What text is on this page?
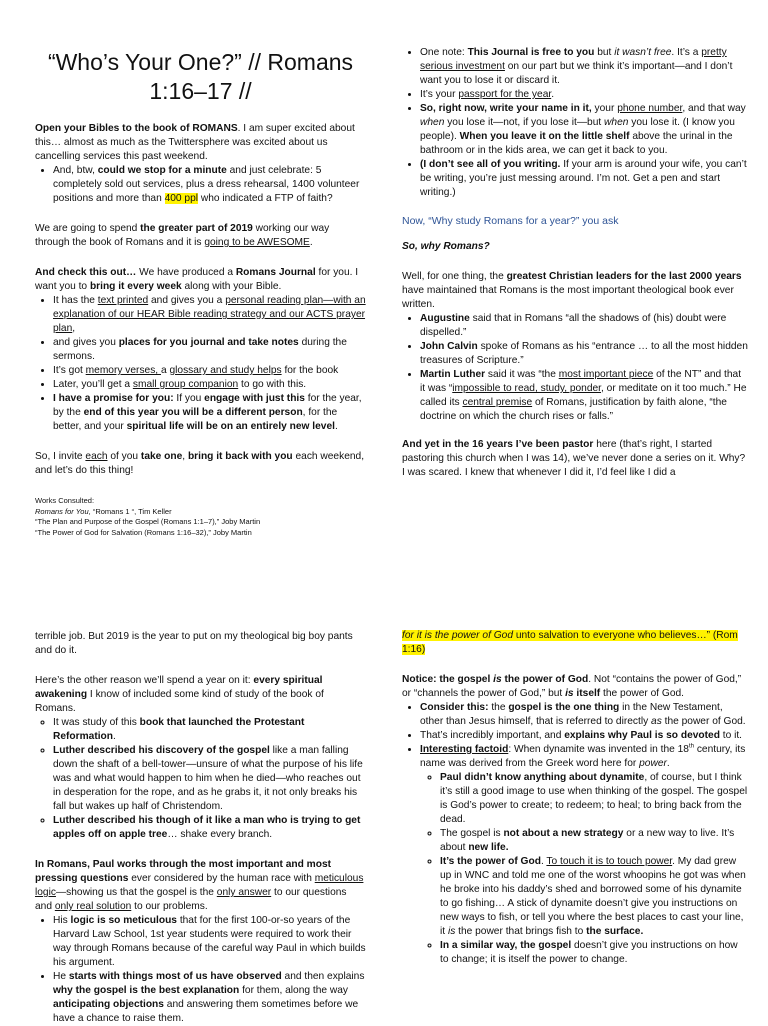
“Who’s Your One?” // Romans 1:16–17 //

Open your Bibles to the book of ROMANS. I am super excited about this… almost as much as the Twittersphere was excited about us cancelling services this past weekend.

• And, btw, could we stop for a minute and just celebrate: 5 completely sold out services, plus a dress rehearsal, 1400 volunteer positions and more than 400 ppl who indicated a FTP of faith?

We are going to spend the greater part of 2019 working our way through the book of Romans and it is going to be AWESOME.

And check this out… We have produced a Romans Journal for you. I want you to bring it every week along with your Bible.

• It has the text printed and gives you a personal reading plan—with an explanation of our HEAR Bible reading strategy and our ACTS prayer plan,
• and gives you places for you journal and take notes during the sermons.
• It’s got memory verses, a glossary and study helps for the book
• Later, you’ll get a small group companion to go with this.
• I have a promise for you: If you engage with just this for the year, by the end of this year you will be a different person, for the better, and your spiritual life will be on an entirely new level.

So, I invite each of you take one, bring it back with you each weekend, and let’s do this thing!

Works Consulted:
Romans for You, “Romans 1 “, Tim Keller
“The Plan and Purpose of the Gospel (Romans 1:1–7),” Joby Martin
“The Power of God for Salvation (Romans 1:16–32),” Joby Martin
• One note: This Journal is free to you but it wasn’t free. It’s a pretty serious investment on our part but we think it’s important—and I don’t want you to lose it or discard it.
• It’s your passport for the year.
• So, right now, write your name in it, your phone number, and that way when you lose it—not, if you lose it—but when you lose it. (I know you people). When you leave it on the little shelf above the urinal in the bathroom or in the kids area, we can get it back to you.
• (I don’t see all of you writing. If your arm is around your wife, you can’t be writing, you’re just messing around. I’m not. Get a pen and start writing.)
Now, “Why study Romans for a year?” you ask
So, why Romans?

Well, for one thing, the greatest Christian leaders for the last 2000 years have maintained that Romans is the most important theological book ever written.

• Augustine said that in Romans “all the shadows of (his) doubt were dispelled.”
• John Calvin spoke of Romans as his “entrance … to all the most hidden treasures of Scripture.”
• Martin Luther said it was “the most important piece of the NT” and that it was “impossible to read, study, ponder, or meditate on it too much.” He called its central premise of Romans, justification by faith alone, “the doctrine on which the church rises or falls.”

And yet in the 16 years I’ve been pastor here (that’s right, I started pastoring this church when I was 14), we’ve never done a series on it. Why? I was scared. I knew that whenever I did it, I’d feel like I did a

terrible job. But 2019 is the year to put on my theological big boy pants and do it.

Here’s the other reason we’ll spend a year on it: every spiritual awakening I know of included some kind of study of the book of Romans.

◦ It was study of this book that launched the Protestant Reformation.
◦ Luther described his discovery of the gospel like a man falling down the shaft of a bell-tower—unsure of what the purpose of his life was and what would happen to him when he died—who reaches out in desperation for the rope, and as he grabs it, it not only breaks his fall but wakes up half of Christendom.
◦ Luther described his though of it like a man who is trying to get apples off on apple tree… shake every branch.

In Romans, Paul works through the most important and most pressing questions ever considered by the human race with meticulous logic—showing us that the gospel is the only answer to our questions and only real solution to our problems.

• His logic is so meticulous that for the first 100-or-so years of the Harvard Law School, 1st year students were required to work their way through Romans because of the careful way Paul in which builds his argument.
• He starts with things most of us have observed and then explains why the gospel is the best explanation for them, along the way anticipating objections and answering them sometimes before we have a chance to raise them.

for it is the power of God unto salvation to everyone who believes…” (Rom 1:16)

Notice: the gospel is the power of God. Not “contains the power of God,” or “channels the power of God,” but is itself the power of God.

• Consider this: the gospel is the one thing in the New Testament, other than Jesus himself, that is referred to directly as the power of God.
• That’s incredibly important, and explains why Paul is so devoted to it.
• Interesting factoid: When dynamite was invented in the 18th century, its name was derived from the Greek word here for power.
◦ Paul didn’t know anything about dynamite, of course, but I think it’s still a good image to use when thinking of the gospel. The gospel is God’s power to create; to redeem; to heal; to bring back from the dead.
◦ The gospel is not about a new strategy or a new way to live. It’s about new life.
◦ It’s the power of God. To touch it is to touch power. My dad grew up in WNC and told me one of the worst whoopins he got was when he broke into his daddy’s shed and borrowed some of his dynamite to go fishing… A stick of dynamite doesn’t give you instructions on new ways to fish, or tell you where the best places to cast your line, it is the power that brings fish to the surface.
◦ In a similar way, the gospel doesn’t give you instructions on how to change; it is itself the power to change.
